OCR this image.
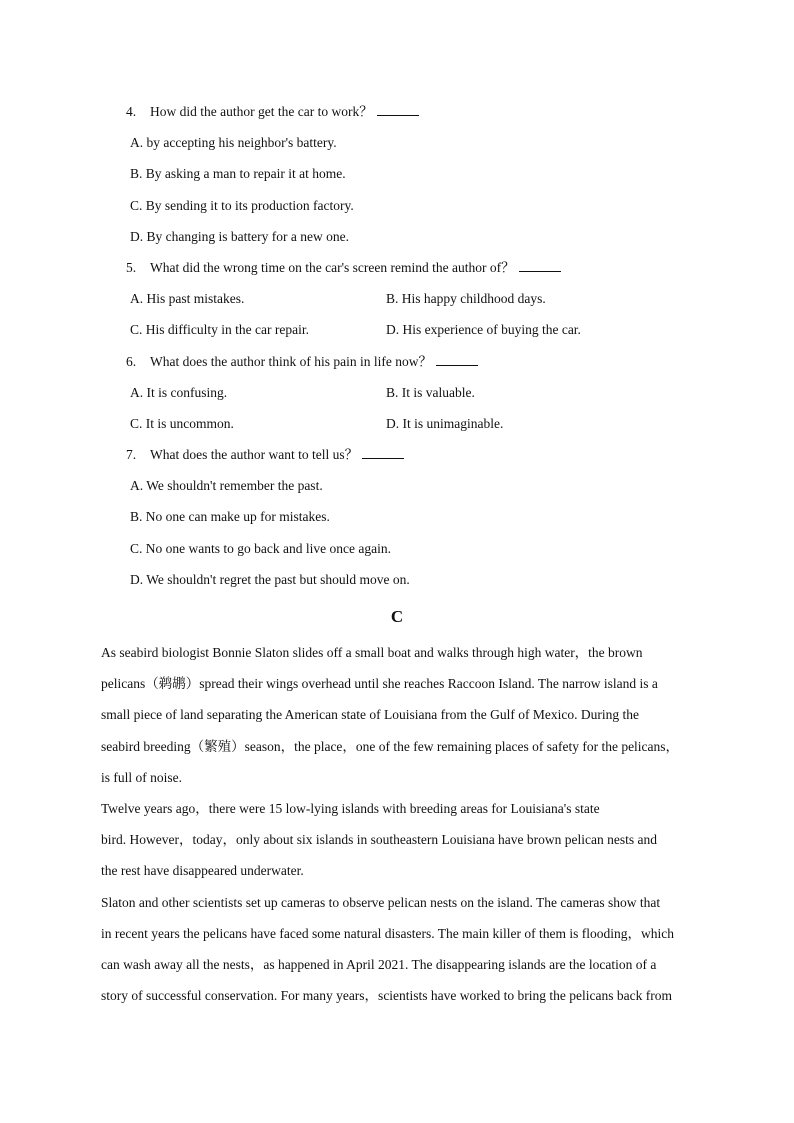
4. How did the author get the car to work？
A. by accepting his neighbor's battery.
B. By asking a man to repair it at home.
C. By sending it to its production factory.
D. By changing is battery for a new one.
5. What did the wrong time on the car's screen remind the author of？
A. His past mistakes.	B. His happy childhood days.
C. His difficulty in the car repair.	D. His experience of buying the car.
6. What does the author think of his pain in life now？
A. It is confusing.	B. It is valuable.
C. It is uncommon.	D. It is unimaginable.
7. What does the author want to tell us？
A. We shouldn't remember the past.
B. No one can make up for mistakes.
C. No one wants to go back and live once again.
D. We shouldn't regret the past but should move on.
C
As seabird biologist Bonnie Slaton slides off a small boat and walks through high water，the brown
pelicans（鹈鹕）spread their wings overhead until she reaches Raccoon Island. The narrow island is a
small piece of land separating the American state of Louisiana from the Gulf of Mexico. During the
seabird breeding（繁殖）season，the place，one of the few remaining places of safety for the pelicans，
is full of noise.
Twelve years ago，there were 15 low-lying islands with breeding areas for Louisiana's state
bird. However，today，only about six islands in southeastern Louisiana have brown pelican nests and
the rest have disappeared underwater.
Slaton and other scientists set up cameras to observe pelican nests on the island. The cameras show that
in recent years the pelicans have faced some natural disasters. The main killer of them is flooding，which
can wash away all the nests，as happened in April 2021. The disappearing islands are the location of a
story of successful conservation. For many years，scientists have worked to bring the pelicans back from
